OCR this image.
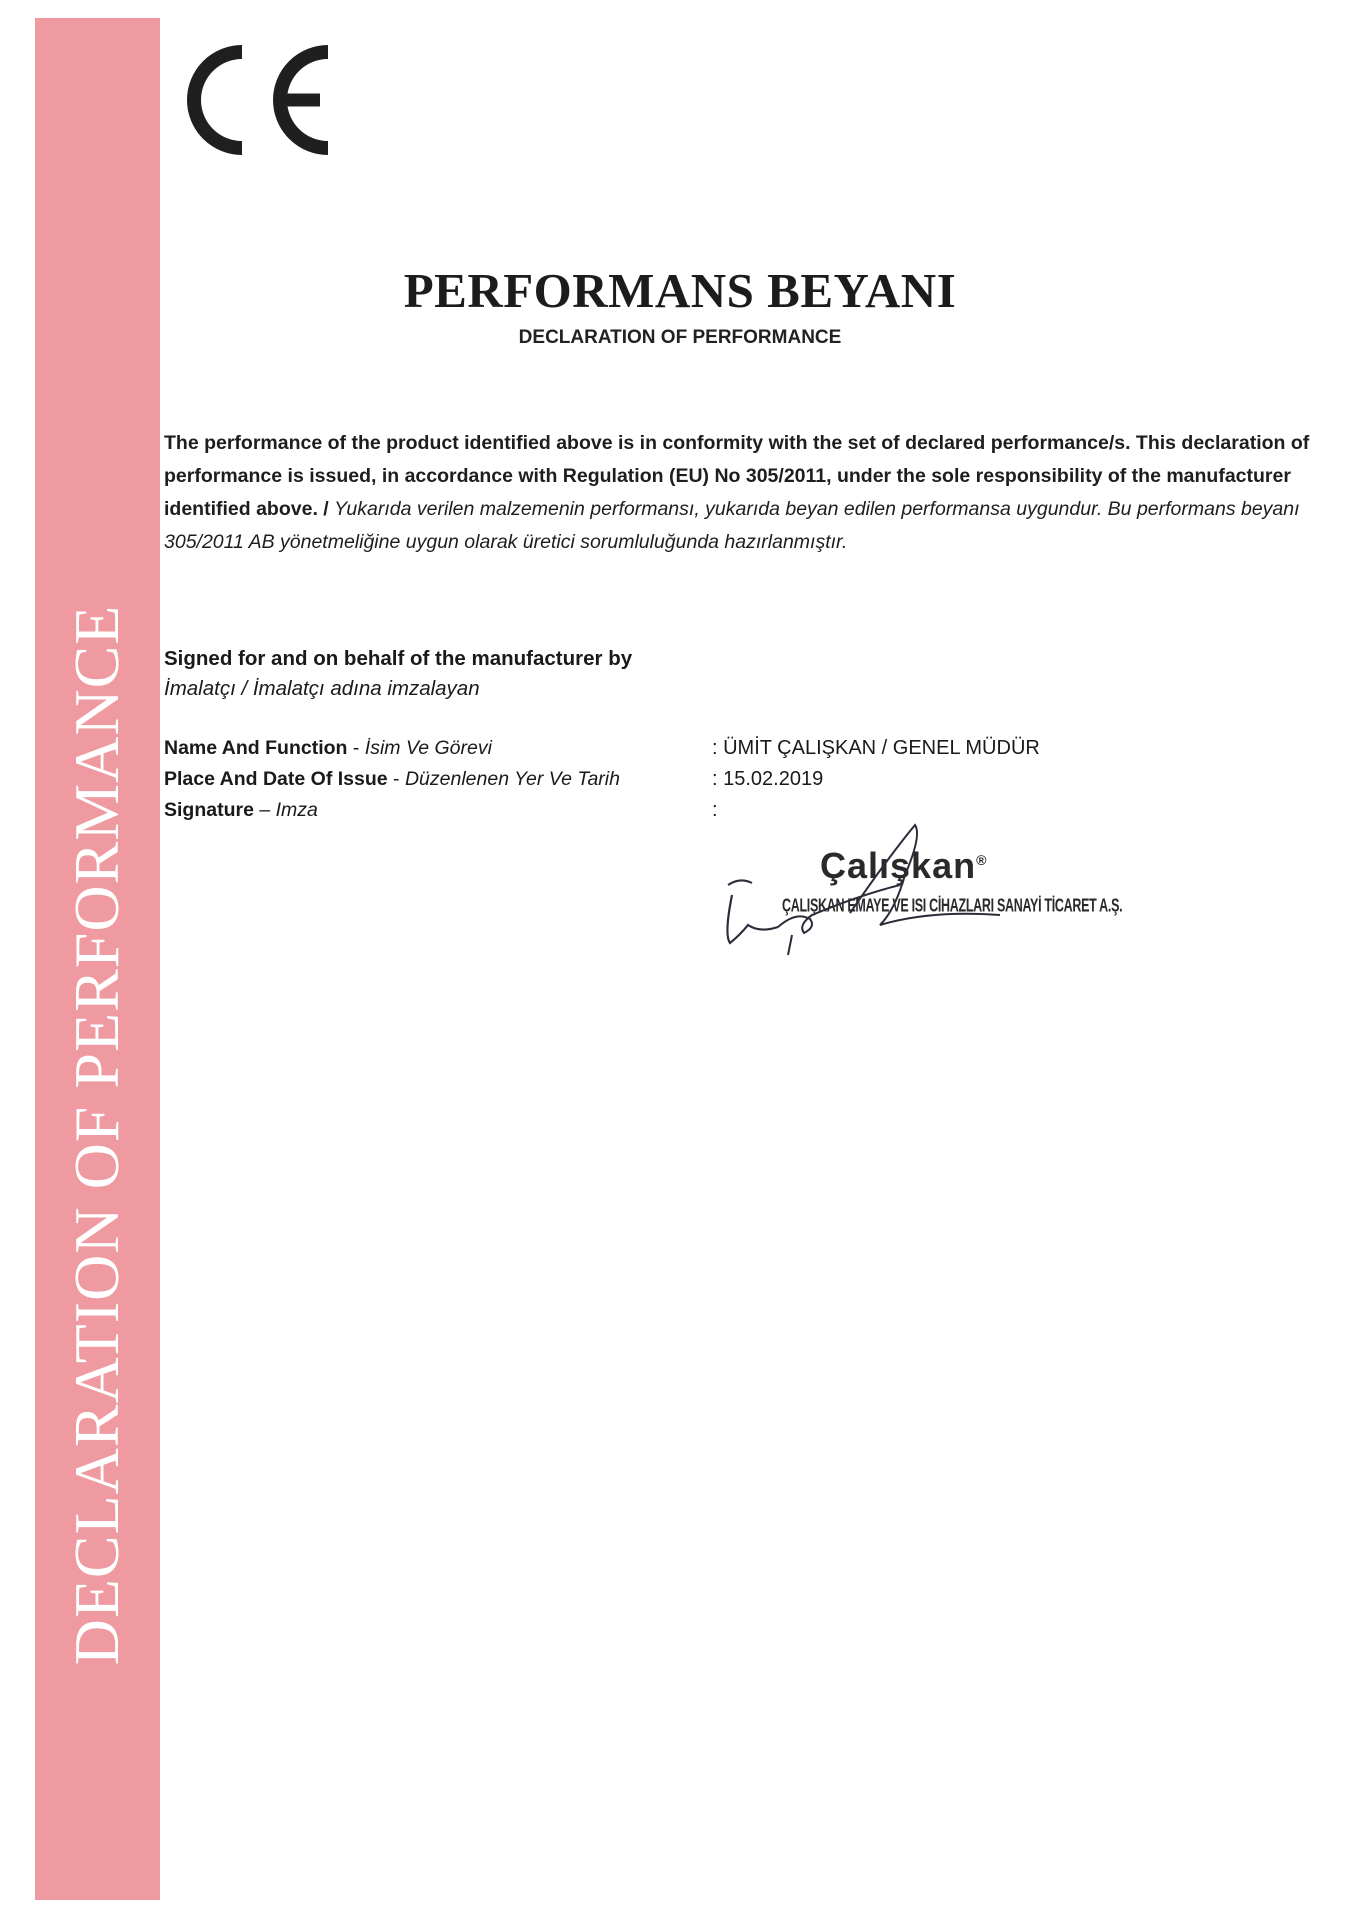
DECLARATION OF PERFORMANCE
PERFORMANS BEYANI
DECLARATION OF PERFORMANCE
The performance of the product identified above is in conformity with the set of declared performance/s. This declaration of performance is issued, in accordance with Regulation (EU) No 305/2011, under the sole responsibility of the manufacturer identified above. / Yukarıda verilen malzemenin performansı, yukarıda beyan edilen performansa uygundur. Bu performans beyanı 305/2011 AB yönetmeliğine uygun olarak üretici sorumluluğunda hazırlanmıştır.
Signed for and on behalf of the manufacturer by
İmalatçı / İmalatçı adına imzalayan
Name And Function - İsim Ve Görevi	: ÜMİT ÇALIŞKAN / GENEL MÜDÜR
Place And Date Of Issue - Düzenlenen Yer Ve Tarih	: 15.02.2019
Signature – Imza	:
Çalışkan®
ÇALIŞKAN EMAYE VE ISI CİHAZLARI SANAYİ TİCARET A.Ş.
